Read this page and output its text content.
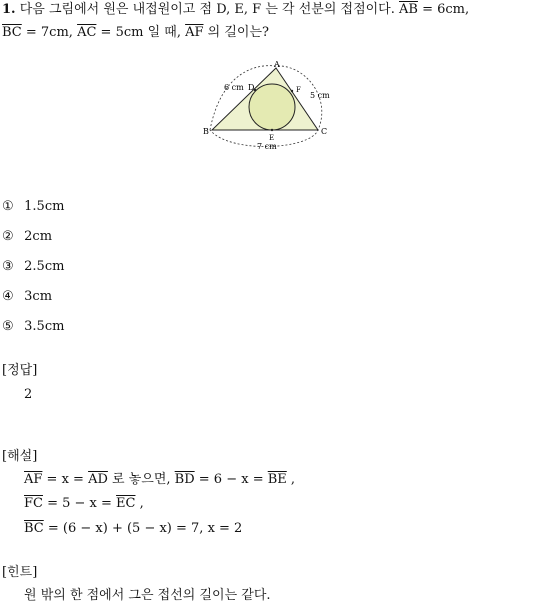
1. 다음 그림에서 원은 내접원이고 점 D, E, F 는 각 선분의 접점이다. $\overline{AB} = 6cm$,
$\overline{BC} = 7cm$, $\overline{AC} = 5cm$ 일 때, $\overline{AF}$ 의 길이는?
A
B	C
D
E
F
6 cm
5 cm
7 cm
① 1.5cm
② 2cm
③ 2.5cm
④ 3cm
⑤ 3.5cm
[정답]
2
[해설]
$\overline{AF} = x = \overline{AD}$ 로 놓으면, $\overline{BD} = 6 - x = \overline{BE}$ ,
$\overline{FC} = 5 - x = \overline{EC}$ ,
$\overline{BC} = (6 - x) + (5 - x) = 7$, x = 2
[힌트]
원 밖의 한 점에서 그은 접선의 길이는 같다.
